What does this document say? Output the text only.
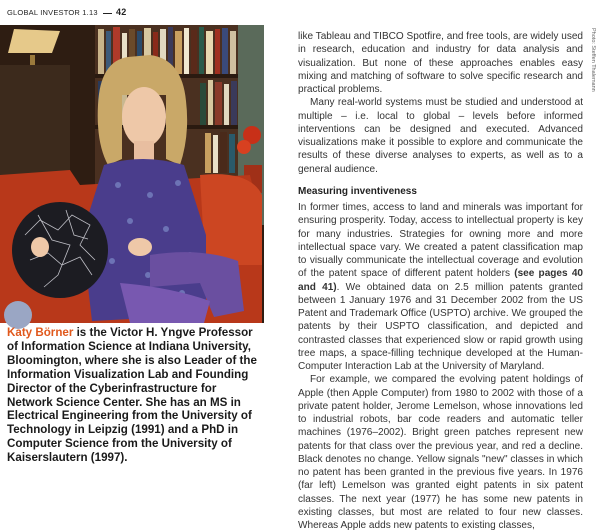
GLOBAL INVESTOR 1.13 42
Katy Börner is the Victor H. Yngve Professor of Information Science at Indiana University, Bloomington, where she is also Leader of the Information Visualization Lab and Founding Director of the Cyberinfrastructure for Network Science Center. She has an MS in Electrical Engineering from the University of Technology in Leipzig (1991) and a PhD in Computer Science from the University of Kaiserslautern (1997).
Photo: Steffen Thalemann

like Tableau and TIBCO Spotfire, and free tools, are widely used in research, education and industry for data analysis and visualization. But none of these approaches enables easy mixing and matching of software to solve specific research and practical problems.

Many real-world systems must be studied and understood at multiple – i.e. local to global – levels before informed interventions can be designed and executed. Advanced visualizations make it possible to explore and communicate the results of these diverse analyses to experts, as well as to a general audience.

Measuring inventiveness

In former times, access to land and minerals was important for ensuring prosperity. Today, access to intellectual property is key for many industries. Strategies for owning more and more intellectual space vary. We created a patent classification map to visually communicate the intellectual coverage and evolution of the patent space of different patent holders (see pages 40 and 41). We obtained data on 2.5 million patents granted between 1 January 1976 and 31 December 2002 from the US Patent and Trademark Office (USPTO) archive. We grouped the patents by their USPTO classification, and depicted and contrasted classes that experienced slow or rapid growth using tree maps, a space-filling technique developed at the Human-Computer Interaction Lab at the University of Maryland.

For example, we compared the evolving patent holdings of Apple (then Apple Computer) from 1980 to 2002 with those of a private patent holder, Jerome Lemelson, whose innovations led to industrial robots, bar code readers and automatic teller machines (1976–2002). Bright green patches represent new patents for that class over the previous year, and red a decline. Black denotes no change. Yellow signals "new" classes in which no patent has been granted in the previous five years. In 1976 (far left) Lemelson was granted eight patents in six patent classes. The next year (1977) he has some new patents in existing classes, but most are related to four new classes. Whereas Apple adds new patents to existing classes,
